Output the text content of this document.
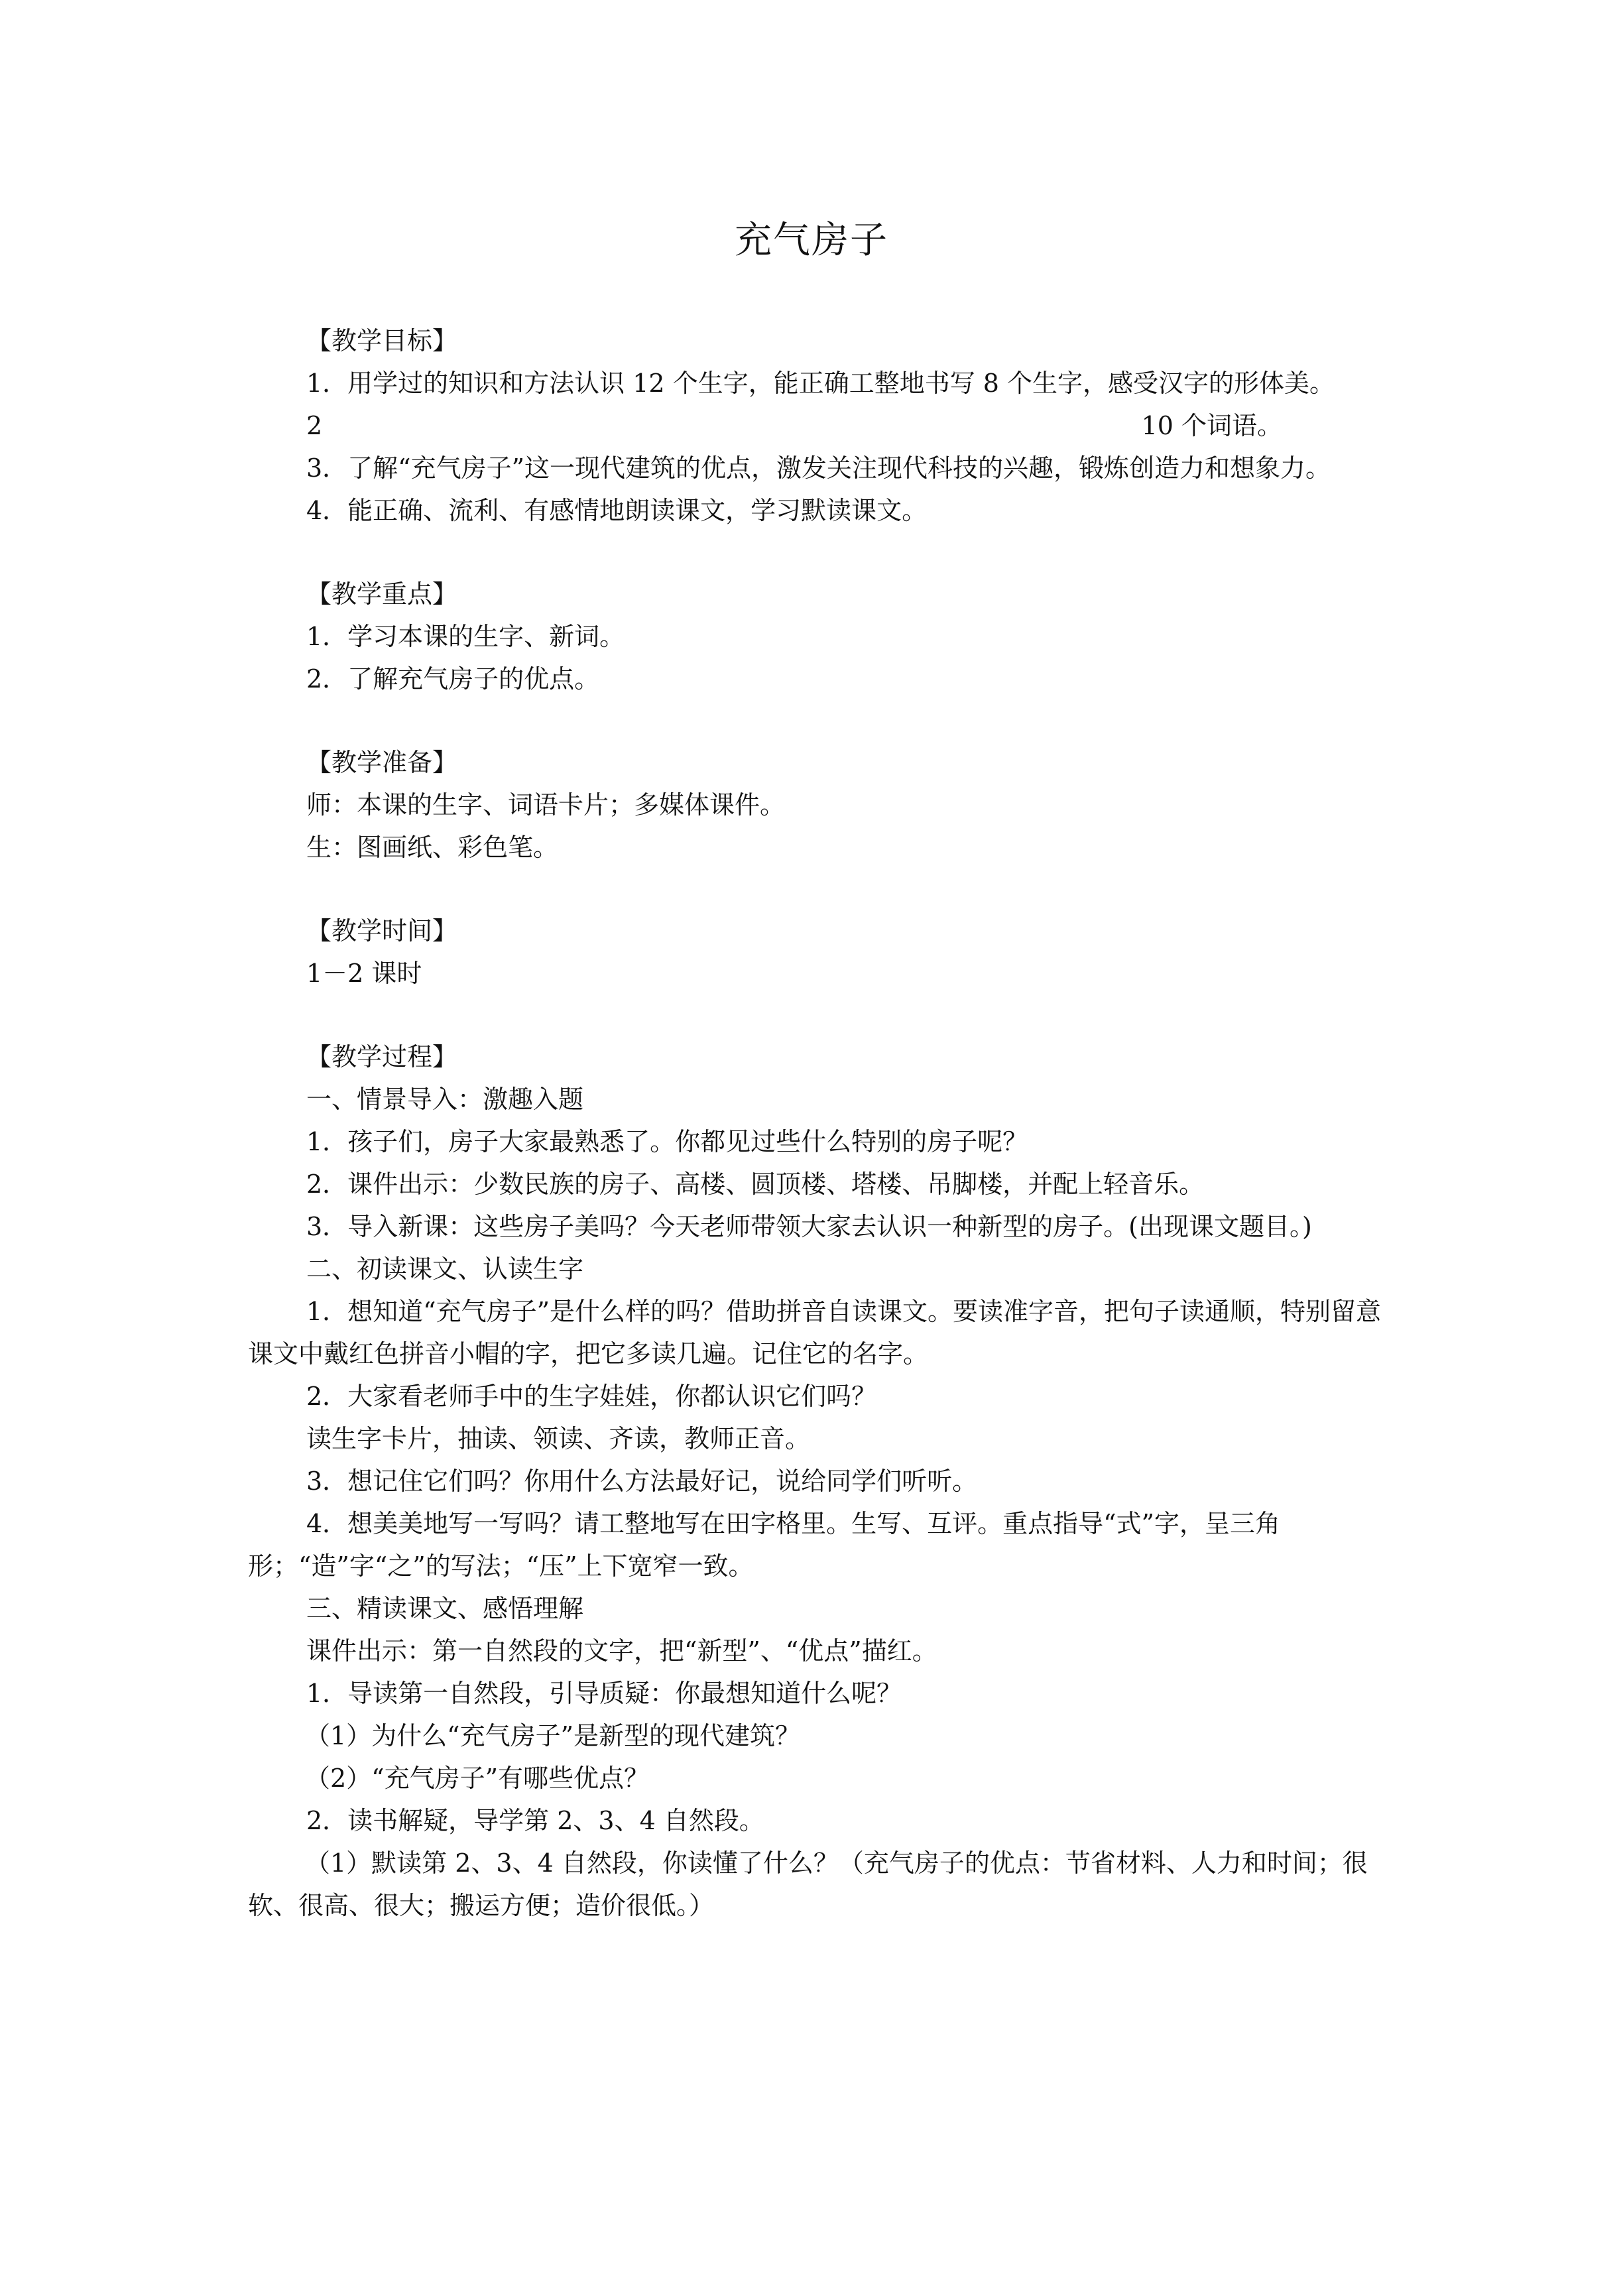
充气房子

【教学目标】

1．用学过的知识和方法认识 12 个生字，能正确工整地书写 8 个生字，感受汉字的形体美。

2	10 个词语。

3．了解“充气房子”这一现代建筑的优点，激发关注现代科技的兴趣，锻炼创造力和想象力。

4．能正确、流利、有感情地朗读课文，学习默读课文。

【教学重点】

1．学习本课的生字、新词。

2．了解充气房子的优点。

【教学准备】

师：本课的生字、词语卡片；多媒体课件。

生：图画纸、彩色笔。

【教学时间】

1－2 课时

【教学过程】

一、情景导入：激趣入题

1．孩子们，房子大家最熟悉了。你都见过些什么特别的房子呢？

2．课件出示：少数民族的房子、高楼、圆顶楼、塔楼、吊脚楼，并配上轻音乐。

3．导入新课：这些房子美吗？今天老师带领大家去认识一种新型的房子。(出现课文题目。)

二、初读课文、认读生字

1．想知道“充气房子”是什么样的吗？借助拼音自读课文。要读准字音，把句子读通顺，特别留意课文中戴红色拼音小帽的字，把它多读几遍。记住它的名字。

2．大家看老师手中的生字娃娃，你都认识它们吗？

读生字卡片，抽读、领读、齐读，教师正音。

3．想记住它们吗？你用什么方法最好记，说给同学们听听。

4．想美美地写一写吗？请工整地写在田字格里。生写、互评。重点指导“式”字，呈三角形；“造”字“之”的写法；“压”上下宽窄一致。

三、精读课文、感悟理解

课件出示：第一自然段的文字，把“新型”、“优点”描红。

1．导读第一自然段，引导质疑：你最想知道什么呢？

（1）为什么“充气房子”是新型的现代建筑？

（2）“充气房子”有哪些优点？

2．读书解疑，导学第 2、3、4 自然段。

（1）默读第 2、3、4 自然段，你读懂了什么？（充气房子的优点：节省材料、人力和时间；很软、很高、很大；搬运方便；造价很低。）
